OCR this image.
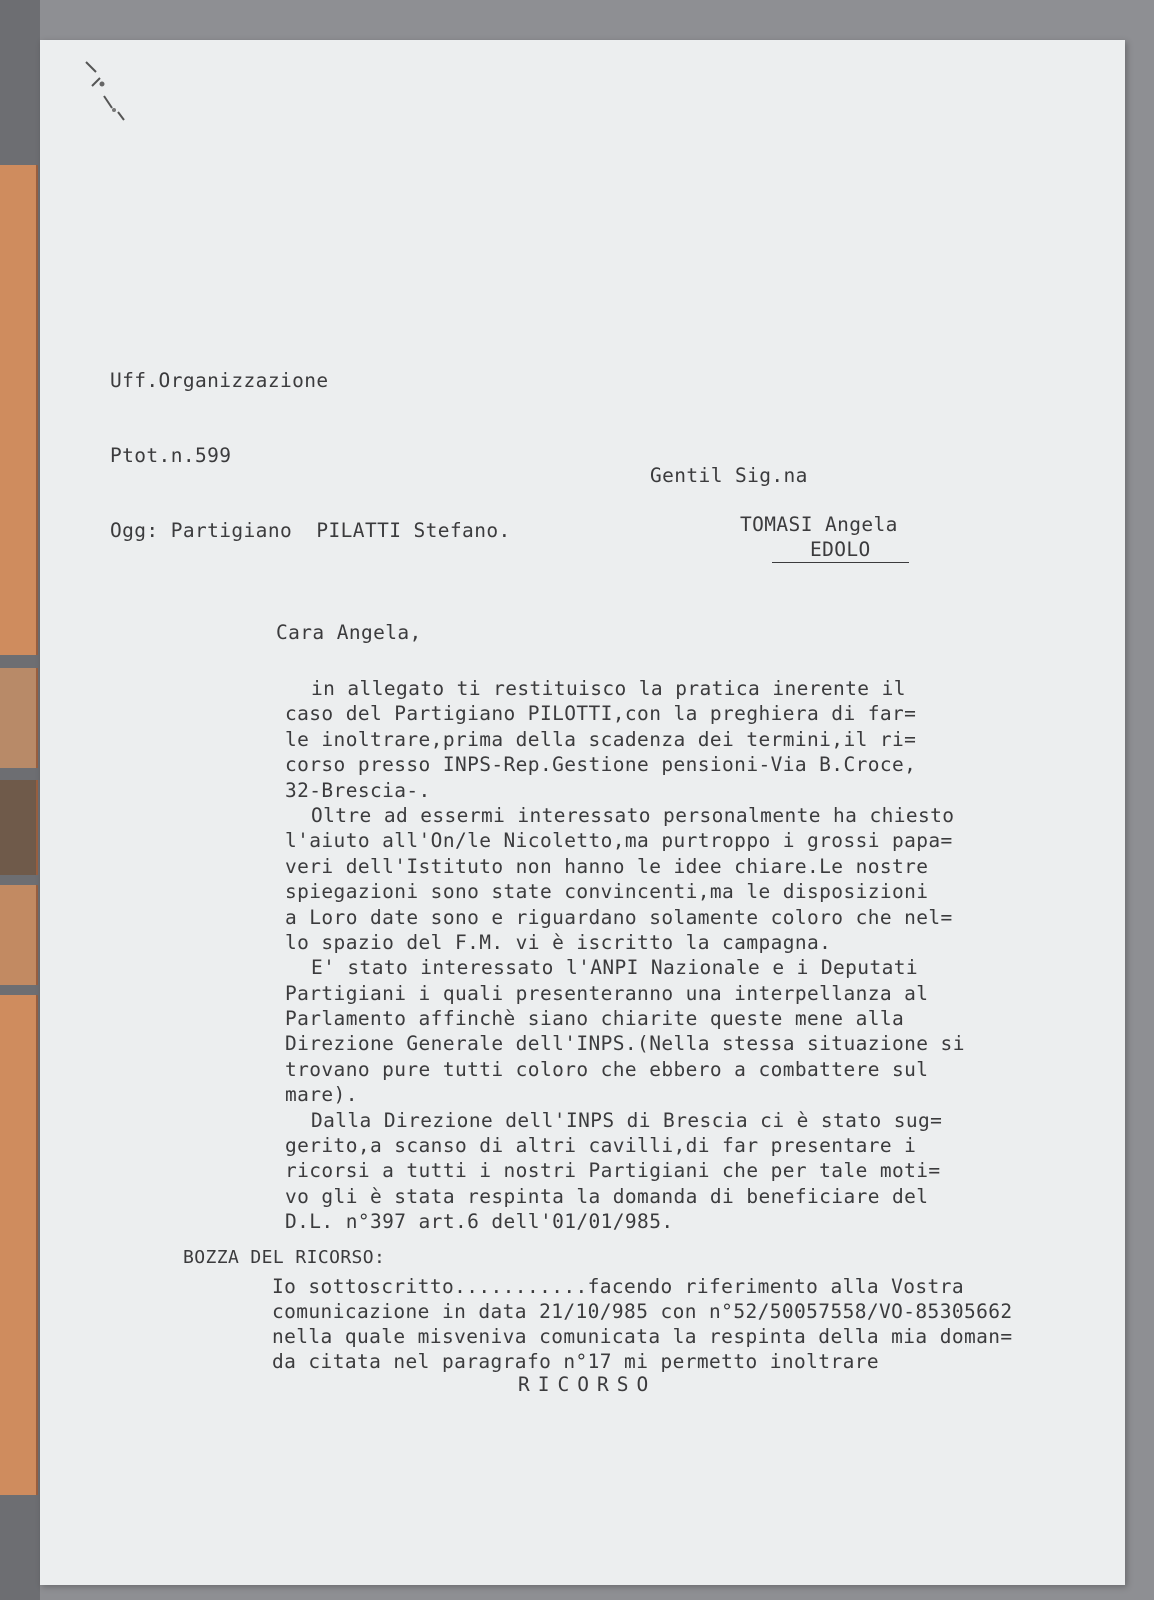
Uff.Organizzazione

Ptot.n.599

Ogg: Partigiano  PILATTI Stefano.

Gentil Sig.na
TOMASI Angela
EDOLO
Cara Angela,
in allegato ti restituisco la pratica inerente il
caso del Partigiano PILOTTI,con la preghiera di far=
le inoltrare,prima della scadenza dei termini,il ri=
corso presso INPS-Rep.Gestione pensioni-Via B.Croce,
32-Brescia-.
Oltre ad essermi interessato personalmente ha chiesto
l'aiuto all'On/le Nicoletto,ma purtroppo i grossi papa=
veri dell'Istituto non hanno le idee chiare.Le nostre
spiegazioni sono state convincenti,ma le disposizioni
a Loro date sono e riguardano solamente coloro che nel=
lo spazio del F.M. vi è iscritto la campagna.
E' stato interessato l'ANPI Nazionale e i Deputati
Partigiani i quali presenteranno una interpellanza al
Parlamento affinchè siano chiarite queste mene alla
Direzione Generale dell'INPS.(Nella stessa situazione si
trovano pure tutti coloro che ebbero a combattere sul
mare).
Dalla Direzione dell'INPS di Brescia ci è stato sug=
gerito,a scanso di altri cavilli,di far presentare i
ricorsi a tutti i nostri Partigiani che per tale moti=
vo gli è stata respinta la domanda di beneficiare del
D.L. n°397 art.6 dell'01/01/985.
BOZZA DEL RICORSO:
Io sottoscritto...........facendo riferimento alla Vostra
comunicazione in data 21/10/985 con n°52/50057558/VO-85305662
nella quale misveniva comunicata la respinta della mia doman=
da citata nel paragrafo n°17 mi permetto inoltrare
RICORSO
